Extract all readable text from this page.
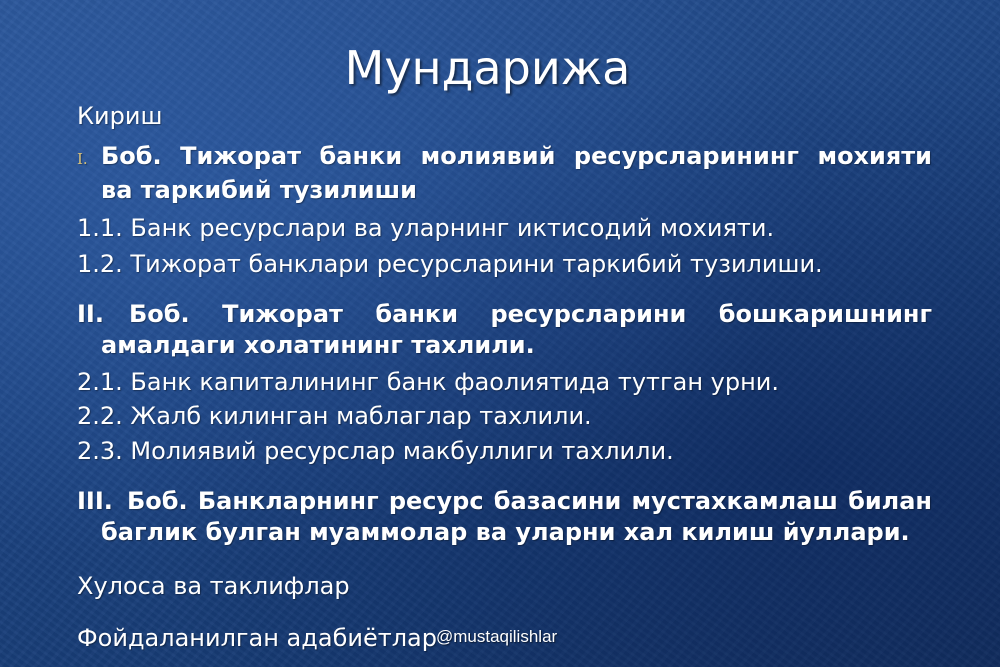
Мундарижа
Кириш
I. Боб. Тижорат банки молиявий ресурсларининг мохияти
ва таркибий тузилиши
1.1. Банк ресурслари ва уларнинг иктисодий мохияти.
1.2. Тижорат банклари ресурсларини таркибий тузилиши.
II.	Боб. Тижорат банки ресурсларини бошкаришнинг
амалдаги холатининг тахлили.
2.1. Банк капиталининг банк фаолиятида тутган урни.
2.2. Жалб килинган маблаглар тахлили.
2.3. Молиявий ресурслар макбуллиги тахлили.
III. Боб. Банкларнинг ресурс базасини мустахкамлаш билан
баглик булган муаммолар ва уларни хал килиш йуллари.
Хулоса ва таклифлар
Фойдаланилган адабиётлар @mustaqilishlar
